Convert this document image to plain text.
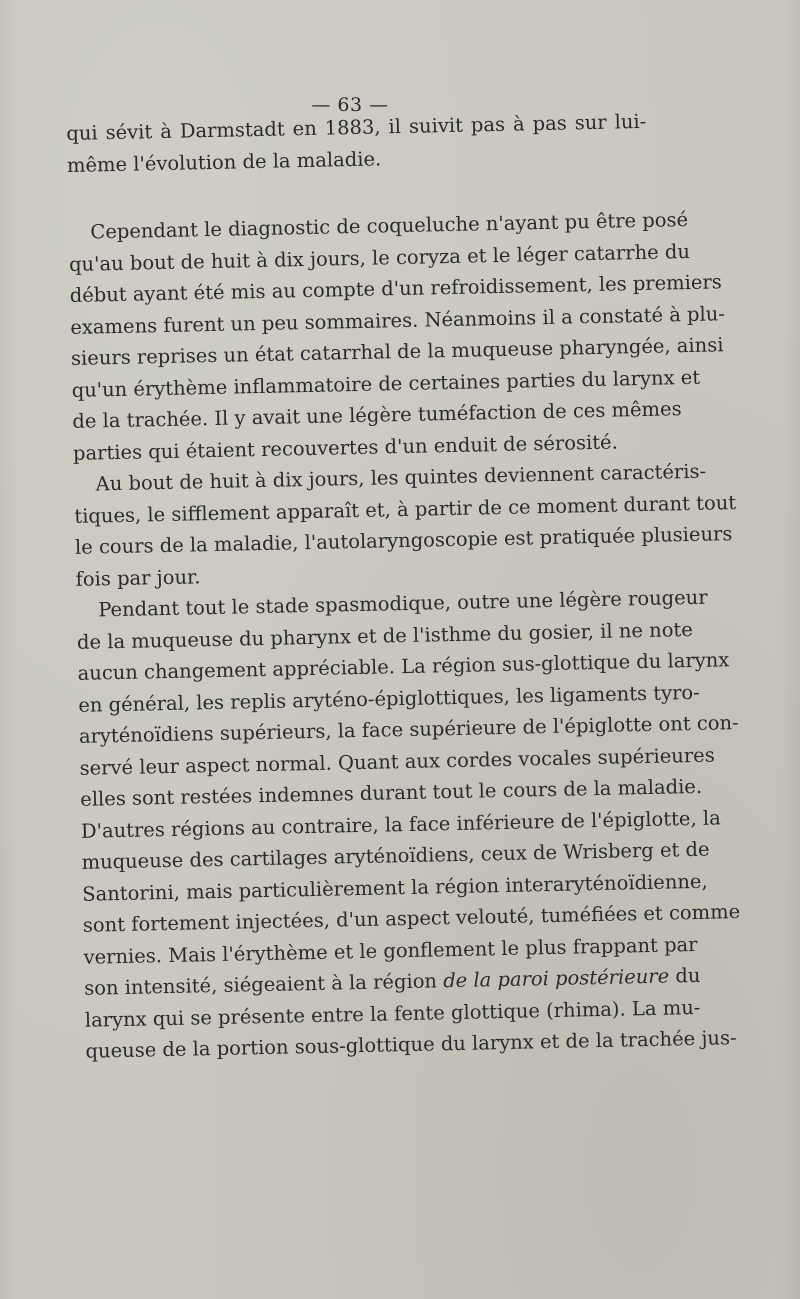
— 63 —
qui sévit à Darmstadt en 1883, il suivit pas à pas sur lui-
même l'évolution de la maladie.
Cependant le diagnostic de coqueluche n'ayant pu être posé
qu'au bout de huit à dix jours, le coryza et le léger catarrhe du
début ayant été mis au compte d'un refroidissement, les premiers
examens furent un peu sommaires. Néanmoins il a constaté à plu-
sieurs reprises un état catarrhal de la muqueuse pharyngée, ainsi
qu'un érythème inflammatoire de certaines parties du larynx et
de la trachée. Il y avait une légère tuméfaction de ces mêmes
parties qui étaient recouvertes d'un enduit de sérosité.
Au bout de huit à dix jours, les quintes deviennent caractéris-
tiques, le sifflement apparaît et, à partir de ce moment durant tout
le cours de la maladie, l'autolaryngoscopie est pratiquée plusieurs
fois par jour.
Pendant tout le stade spasmodique, outre une légère rougeur
de la muqueuse du pharynx et de l'isthme du gosier, il ne note
aucun changement appréciable. La région sus-glottique du larynx
en général, les replis aryténo-épiglottiques, les ligaments tyro-
aryténoïdiens supérieurs, la face supérieure de l'épiglotte ont con-
servé leur aspect normal. Quant aux cordes vocales supérieures
elles sont restées indemnes durant tout le cours de la maladie.
D'autres régions au contraire, la face inférieure de l'épiglotte, la
muqueuse des cartilages aryténoïdiens, ceux de Wrisberg et de
Santorini, mais particulièrement la région interaryténoïdienne,
sont fortement injectées, d'un aspect velouté, tuméfiées et comme
vernies. Mais l'érythème et le gonflement le plus frappant par
son intensité, siégeaient à la région de la paroi postérieure du
larynx qui se présente entre la fente glottique (rhima). La mu-
queuse de la portion sous-glottique du larynx et de la trachée jus-
